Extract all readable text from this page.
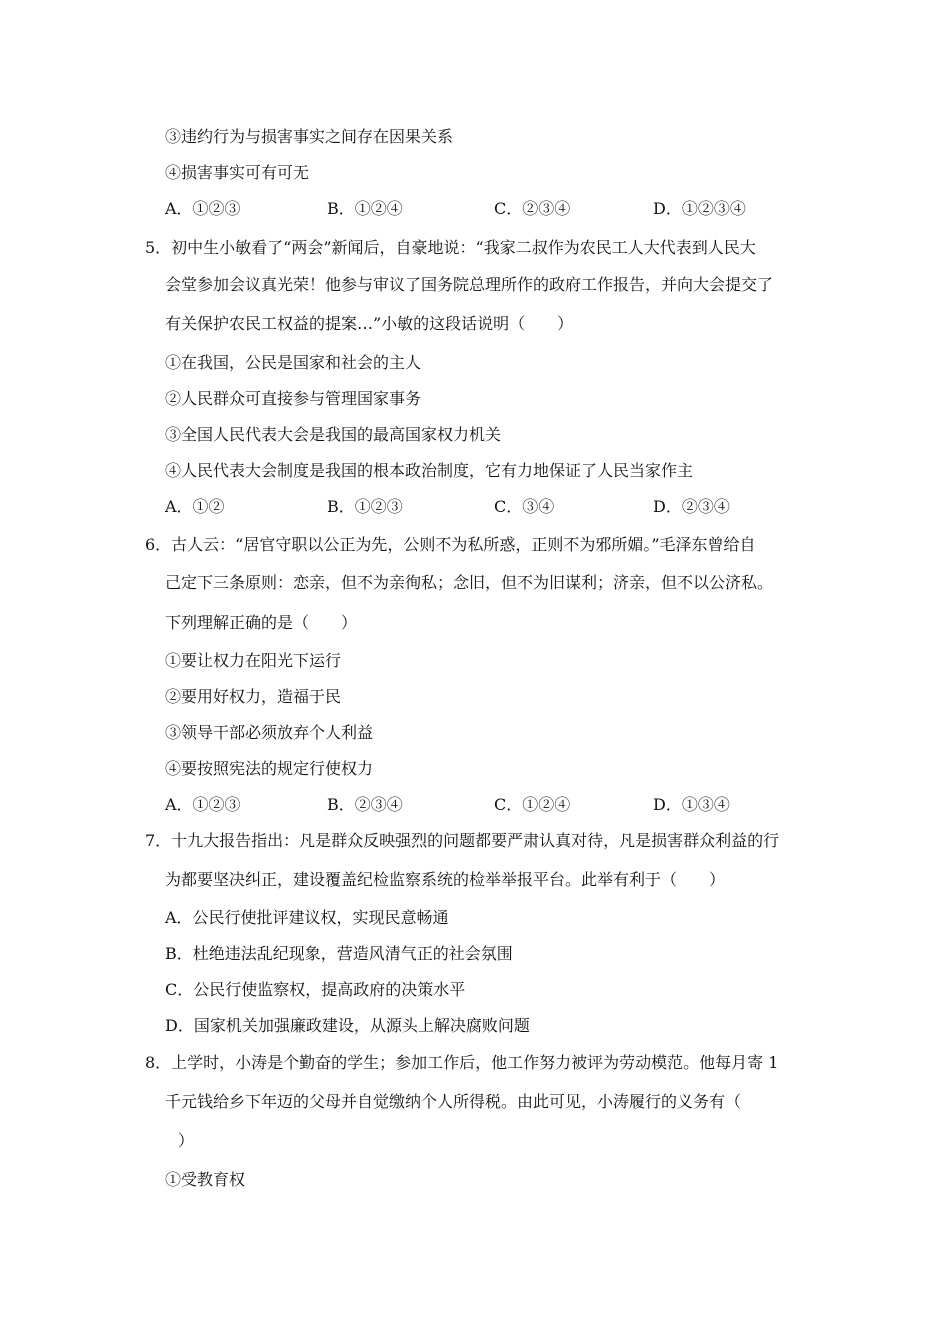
③违约行为与损害事实之间存在因果关系
④损害事实可有可无
A．①②③	B．①②④	C．②③④	D．①②③④
5．初中生小敏看了“两会”新闻后，自豪地说：“我家二叔作为农民工人大代表到人民大
会堂参加会议真光荣！他参与审议了国务院总理所作的政府工作报告，并向大会提交了
有关保护农民工权益的提案…”小敏的这段话说明（　　）
①在我国，公民是国家和社会的主人
②人民群众可直接参与管理国家事务
③全国人民代表大会是我国的最高国家权力机关
④人民代表大会制度是我国的根本政治制度，它有力地保证了人民当家作主
A．①②	B．①②③	C．③④	D．②③④
6．古人云：“居官守职以公正为先，公则不为私所惑，正则不为邪所媚。”毛泽东曾给自
己定下三条原则：恋亲，但不为亲徇私；念旧，但不为旧谋利；济亲，但不以公济私。
下列理解正确的是（　　）
①要让权力在阳光下运行
②要用好权力，造福于民
③领导干部必须放弃个人利益
④要按照宪法的规定行使权力
A．①②③	B．②③④	C．①②④	D．①③④
7．十九大报告指出：凡是群众反映强烈的问题都要严肃认真对待，凡是损害群众利益的行
为都要坚决纠正，建设覆盖纪检监察系统的检举举报平台。此举有利于（　　）
A．公民行使批评建议权，实现民意畅通
B．杜绝违法乱纪现象，营造风清气正的社会氛围
C．公民行使监察权，提高政府的决策水平
D．国家机关加强廉政建设，从源头上解决腐败问题
8．上学时，小涛是个勤奋的学生；参加工作后，他工作努力被评为劳动模范。他每月寄 1
千元钱给乡下年迈的父母并自觉缴纳个人所得税。由此可见，小涛履行的义务有（
）
①受教育权
